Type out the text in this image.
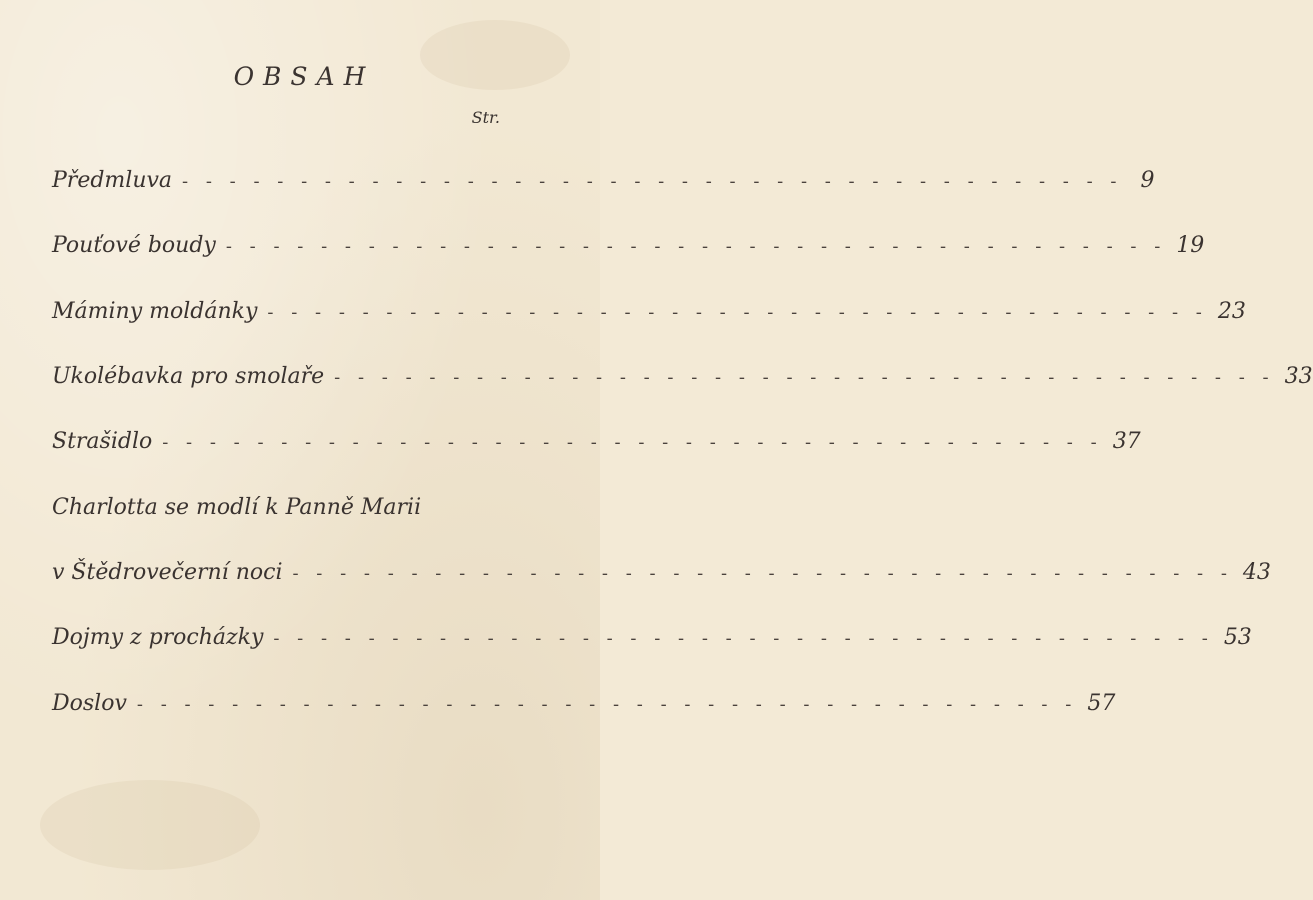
OBSAH
Str.
Předmluva - - - - - - - - - - - - - - - - - - - - - - - - - - - - - - - - - - - - - - - - 9
Pouťové boudy - - - - - - - - - - - - - - - - - - - - - - - - - - - - - - - - - - - - - - - - 19
Máminy moldánky - - - - - - - - - - - - - - - - - - - - - - - - - - - - - - - - - - - - - - - - 23
Ukolébavka pro smolaře - - - - - - - - - - - - - - - - - - - - - - - - - - - - - - - - - - - - - - - - 33
Strašidlo - - - - - - - - - - - - - - - - - - - - - - - - - - - - - - - - - - - - - - - - 37
Charlotta se modlí k Panně Marii
v Štědrovečerní noci - - - - - - - - - - - - - - - - - - - - - - - - - - - - - - - - - - - - - - - - 43
Dojmy z procházky - - - - - - - - - - - - - - - - - - - - - - - - - - - - - - - - - - - - - - - - 53
Doslov - - - - - - - - - - - - - - - - - - - - - - - - - - - - - - - - - - - - - - - - 57
